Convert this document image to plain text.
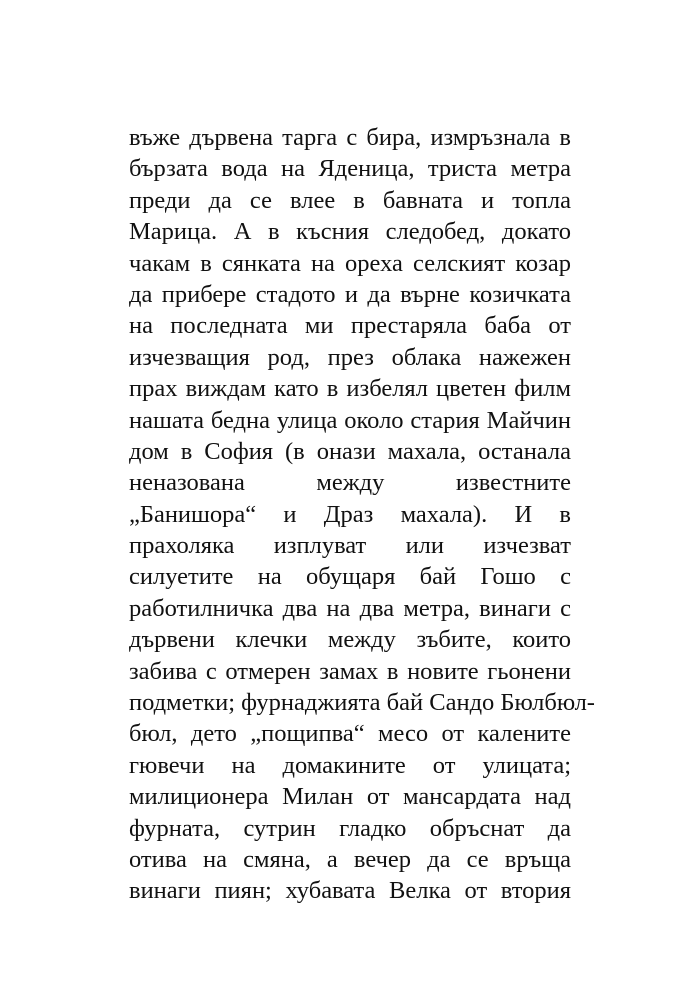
въже дървена тарга с бира, измръзнала в
бързата вода на Яденица, триста метра
преди да се влее в бавната и топла
Марица. А в късния следобед, докато
чакам в сянката на ореха селският козар
да прибере стадото и да върне козичката
на последната ми престаряла баба от
изчезващия род, през облака нажежен
прах виждам като в избелял цветен филм
нашата бедна улица около стария Майчин
дом в София (в онази махала, останала
неназована между известните
„Банишора“ и Драз махала). И в
прахоляка изплуват или изчезват
силуетите на обущаря бай Гошо с
работилничка два на два метра, винаги с
дървени клечки между зъбите, които
забива с отмерен замах в новите гьонени
подметки; фурнаджията бай Сандо Бюлбюл-
бюл, дето „пощипва“ месо от калените
гювечи на домакините от улицата;
милиционера Милан от мансардата над
фурната, сутрин гладко обръснат да
отива на смяна, а вечер да се връща
винаги пиян; хубавата Велка от втория
